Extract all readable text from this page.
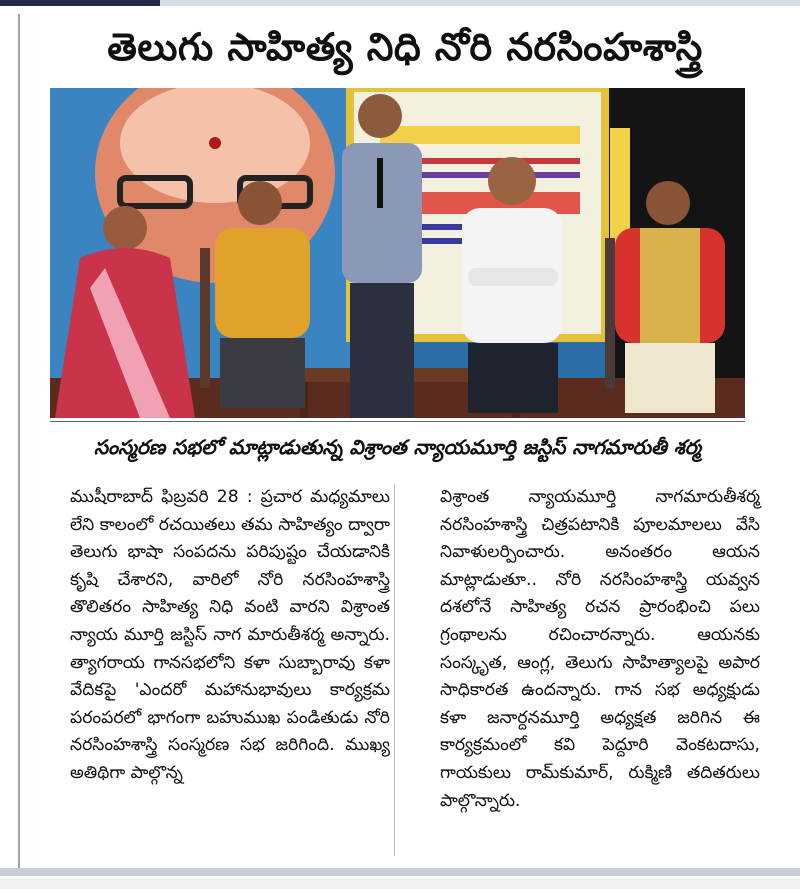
తెలుగు సాహిత్య నిధి నోరి నరసింహశాస్త్రి
సంస్మరణ సభలో మాట్లాడుతున్న విశ్రాంత న్యాయమూర్తి జస్టిస్ నాగమారుతీ శర్మ

ముషీరాబాద్ ఫిబ్రవరి 28 : ప్రచార మధ్యమాలు లేని కాలంలో రచయితలు తమ సాహిత్యం ద్వారా తెలుగు భాషా సంపదను పరిపుష్టం చేయడానికి కృషి చేశారని, వారిలో నోరి నరసింహశాస్త్రి తొలితరం సాహిత్య నిధి వంటి వారని విశ్రాంత న్యాయ మూర్తి జస్టిస్ నాగ మారుతీశర్మ అన్నారు. త్యాగరాయ గానసభలోని కళా సుబ్బారావు కళా వేదికపై 'ఎందరో మహానుభావులు కార్యక్రమ పరంపరలో భాగంగా బహుముఖ పండితుడు నోరి నరసింహశాస్త్రి సంస్మరణ సభ జరిగింది. ముఖ్య అతిథిగా పాల్గొన్న

విశ్రాంత న్యాయమూర్తి నాగమారుతీశర్మ నరసింహశాస్త్రి చిత్రపటానికి పూలమాలలు వేసి నివాళులర్పించారు. అనంతరం ఆయన మాట్లాడుతూ.. నోరి నరసింహశాస్త్రి యవ్వన దశలోనే సాహిత్య రచన ప్రారంభించి పలు గ్రంథాలను రచించారన్నారు. ఆయనకు సంస్కృత, ఆంగ్ల, తెలుగు సాహిత్యాలపై అపార సాధికారత ఉందన్నారు. గాన సభ అధ్యక్షుడు కళా జనార్దనమూర్తి అధ్యక్షత జరిగిన ఈ కార్యక్రమంలో కవి పెద్దూరి వెంకటదాసు, గాయకులు రామ్‌కుమార్, రుక్మిణి తదితరులు పాల్గొన్నారు.
